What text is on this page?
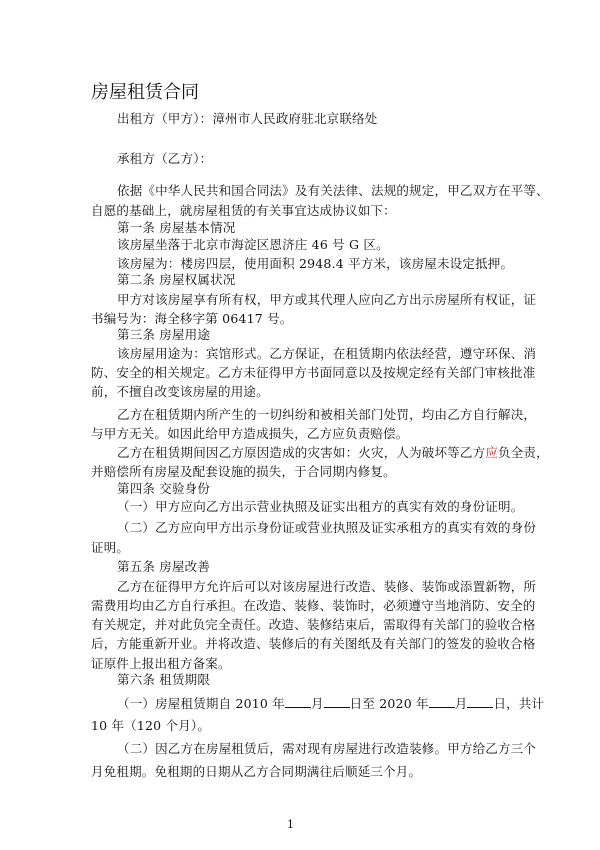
房屋租赁合同
出租方（甲方）：漳州市人民政府驻北京联络处
承租方（乙方）：
依据《中华人民共和国合同法》及有关法律、法规的规定，甲乙双方在平等、
自愿的基础上，就房屋租赁的有关事宜达成协议如下：
第一条 房屋基本情况
该房屋坐落于北京市海淀区恩济庄 46 号 G 区。
该房屋为：楼房四层，使用面积 2948.4 平方米，该房屋未设定抵押。
第二条 房屋权属状况
甲方对该房屋享有所有权，甲方或其代理人应向乙方出示房屋所有权证，证
书编号为：海全移字第 06417 号。
第三条 房屋用途
该房屋用途为：宾馆形式。乙方保证，在租赁期内依法经营，遵守环保、消
防、安全的相关规定。乙方未征得甲方书面同意以及按规定经有关部门审核批准
前，不擅自改变该房屋的用途。
乙方在租赁期内所产生的一切纠纷和被相关部门处罚，均由乙方自行解决，
与甲方无关。如因此给甲方造成损失，乙方应负责赔偿。
乙方在租赁期间因乙方原因造成的灾害如：火灾，人为破坏等乙方应负全责，
并赔偿所有房屋及配套设施的损失，于合同期内修复。
第四条 交验身份
（一）甲方应向乙方出示营业执照及证实出租方的真实有效的身份证明。
（二）乙方应向甲方出示身份证或营业执照及证实承租方的真实有效的身份
证明。
第五条 房屋改善
乙方在征得甲方允许后可以对该房屋进行改造、装修、装饰或添置新物，所
需费用均由乙方自行承担。在改造、装修、装饰时，必须遵守当地消防、安全的
有关规定，并对此负完全责任。改造、装修结束后，需取得有关部门的验收合格
后，方能重新开业。并将改造、装修后的有关图纸及有关部门的签发的验收合格
证原件上报出租方备案。
第六条 租赁期限
（一）房屋租赁期自 2010 年 月 日至 2020 年 月 日，共计
10 年（120 个月）。
（二）因乙方在房屋租赁后，需对现有房屋进行改造装修。甲方给乙方三个
月免租期。免租期的日期从乙方合同期满往后顺延三个月。
1
